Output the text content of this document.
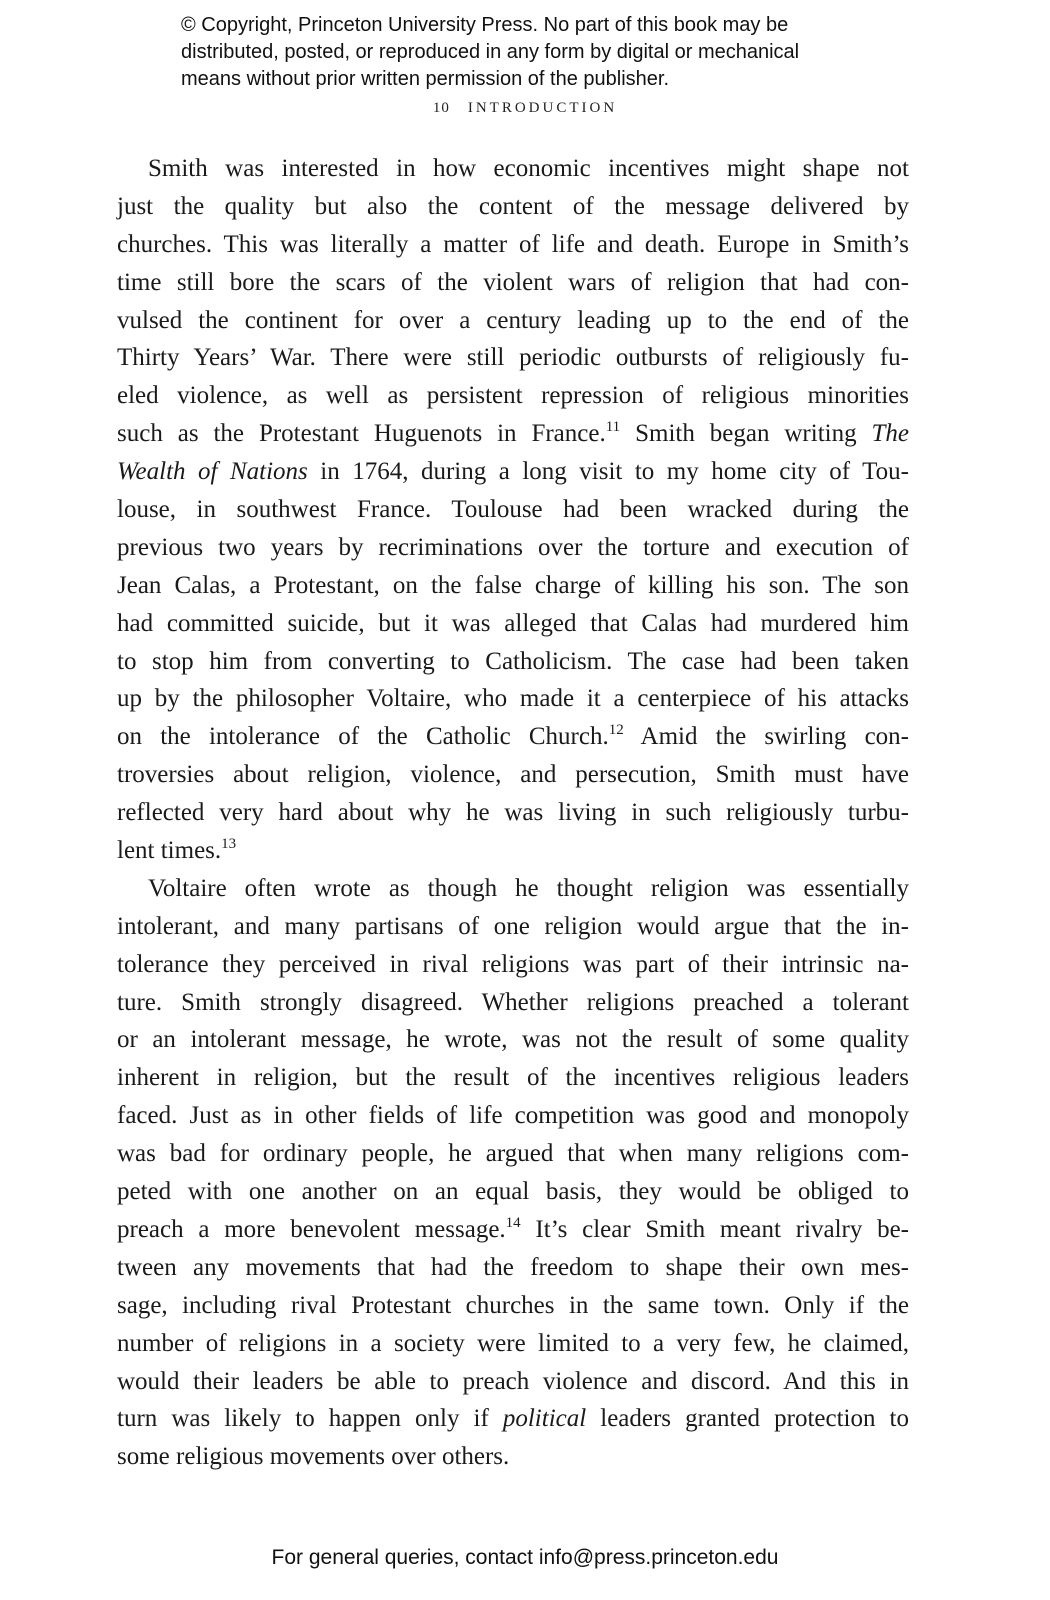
© Copyright, Princeton University Press. No part of this book may be
distributed, posted, or reproduced in any form by digital or mechanical
means without prior written permission of the publisher.
10 INTRODUCTION
Smith was interested in how economic incentives might shape not
just the quality but also the content of the message delivered by
churches. This was literally a matter of life and death. Europe in Smith’s
time still bore the scars of the violent wars of religion that had con-
vulsed the continent for over a century leading up to the end of the
Thirty Years’ War. There were still periodic outbursts of religiously fu-
eled violence, as well as persistent repression of religious minorities
such as the Protestant Huguenots in France.$^{11}$ Smith began writing The
Wealth of Nations in 1764, during a long visit to my home city of Tou-
louse, in southwest France. Toulouse had been wracked during the
previous two years by recriminations over the torture and execution of
Jean Calas, a Protestant, on the false charge of killing his son. The son
had committed suicide, but it was alleged that Calas had murdered him
to stop him from converting to Catholicism. The case had been taken
up by the philosopher Voltaire, who made it a centerpiece of his attacks
on the intolerance of the Catholic Church.$^{12}$ Amid the swirling con-
troversies about religion, violence, and persecution, Smith must have
reflected very hard about why he was living in such religiously turbu-
lent times.$^{13}$
Voltaire often wrote as though he thought religion was essentially
intolerant, and many partisans of one religion would argue that the in-
tolerance they perceived in rival religions was part of their intrinsic na-
ture. Smith strongly disagreed. Whether religions preached a tolerant
or an intolerant message, he wrote, was not the result of some quality
inherent in religion, but the result of the incentives religious leaders
faced. Just as in other fields of life competition was good and monopoly
was bad for ordinary people, he argued that when many religions com-
peted with one another on an equal basis, they would be obliged to
preach a more benevolent message.$^{14}$ It’s clear Smith meant rivalry be-
tween any movements that had the freedom to shape their own mes-
sage, including rival Protestant churches in the same town. Only if the
number of religions in a society were limited to a very few, he claimed,
would their leaders be able to preach violence and discord. And this in
turn was likely to happen only if political leaders granted protection to
some religious movements over others.
For general queries, contact info@press.princeton.edu
